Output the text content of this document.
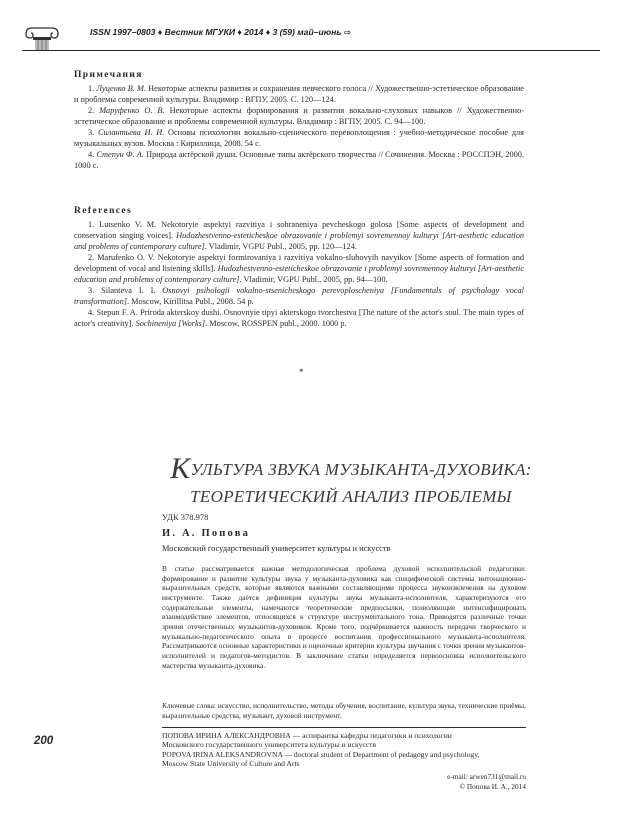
ISSN 1997–0803 ♦ Вестник МГУКИ ♦ 2014 ♦ 3 (59) май–июнь ⇨
Примечания

1. Луценко В. М. Некоторые аспекты развития и сохранения певческого голоса // Художественно-эстетическое образование и проблемы современной культуры. Владимир : ВГПУ, 2005. С. 120—124.

2. Маруфенко О. В. Некоторые аспекты формирования и развития вокально-слуховых навыков // Художественно-эстетическое образование и проблемы современной культуры. Владимир : ВГПУ, 2005. С. 94—100.

3. Силантьева И. И. Основы психологии вокально-сценического перевоплощения : учебно-методическое пособие для музыкальных вузов. Москва : Кириллица, 2008. 54 с.

4. Степун Ф. А. Природа актёрской души. Основные типы актёрского творчества // Сочинения. Москва : РОССПЭН, 2000. 1000 с.

References

1. Lutsenko V. M. Nekotoryie aspektyi razvitiya i sohraneniya pevcheskogo golosa [Some aspects of development and conservation singing voices]. Hudozhestvenno-esteticheskoe obrazovanie i problemyi sovremennoy kulturyi [Art-aesthetic education and problems of contemporary culture]. Vladimir, VGPU Publ., 2005, pp. 120—124.

2. Marufenko O. V. Nekotoryie aspektyi formirovaniya i razvitiya vokalno-sluhovyih navyikov [Some aspects of formation and development of vocal and listening skills]. Hudozhestvenno-esteticheskoe obrazovanie i problemyi sovremennoy kulturyi [Art-aesthetic education and problems of contemporary culture]. Vladimir, VGPU Publ., 2005, pp. 94—100.

3. Silanteva I. I. Osnovyi psihologii vokalno-stsenicheskogo perevoploscheniya [Fundamentals of psychology vocal transformation]. Moscow, Kirillitsa Publ., 2008. 54 p.

4. Stepun F. A. Priroda akterskoy dushi. Osnovnyie tipyi akterskogo tvorchestva [The nature of the actor's soul. The main types of actor's creativity]. Sochineniya [Works]. Moscow, ROSSPEN publ., 2000. 1000 p.

*
КУЛЬТУРА ЗВУКА МУЗЫКАНТА-ДУХОВИКА:
ТЕОРЕТИЧЕСКИЙ АНАЛИЗ ПРОБЛЕМЫ
УДК 378.978
И. А. Попова
Московский государственный университет культуры и искусств
В статье рассматривается важная методологическая проблема духовой исполнительской педагогики: формирование и развитие культуры звука у музыканта-духовика как специфической системы интонационно-выразительных средств, которые являются важными составляющими процесса звукоизвлечения на духовом инструменте. Также даётся дефиниция культуры звука музыканта-исполнителя, характеризуются его содержательные элементы, намечаются теоретические предпосылки, позволяющие интенсифицировать взаимодействие элементов, относящихся к структуре инструментального тона. Приводятся различные точки зрения отечественных музыкантов-духовиков. Кроме того, подчёркивается важность передачи творческого и музыкально-педагогического опыта в процессе воспитания профессионального музыканта-исполнителя. Рассматриваются основные характеристики и оценочные критерии культуры звучания с точки зрения музыкантов-исполнителей и педагогов-методистов. В заключение статьи определяется первоосновна исполнительского мастерства музыканта-духовика.
Ключевые слова: искусство, исполнительство, методы обучения, воспитание, культура звука, технические приёмы, выразительные средства, музыкант, духовой инструмент.
200	ПОПОВА ИРИНА АЛЕКСАНДРОВНА — аспирантка кафедры педагогики и психологии
Московского государственного университета культуры и искусств
POPOVA IRINA ALEKSANDROVNA — doctoral student of Department of pedagogy and psychology,
Moscow State University of Culture and Arts
e-mail: arwen731@mail.ru
© Попова И. А., 2014
